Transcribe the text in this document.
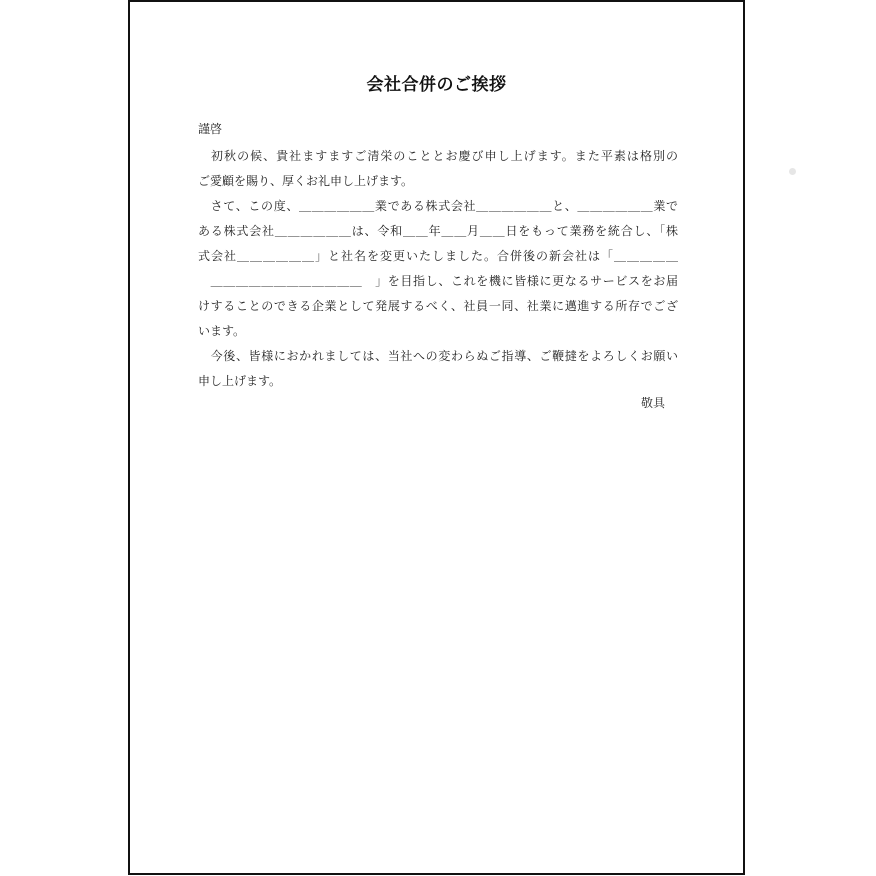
会社合併のご挨拶
謹啓
　初秋の候、貴社ますますご清栄のこととお慶び申し上げます。また平素は格別の
ご愛顧を賜り、厚くお礼申し上げます。
　さて、この度、＿＿＿＿＿＿業である株式会社＿＿＿＿＿＿と、＿＿＿＿＿＿業で
ある株式会社＿＿＿＿＿＿は、令和＿＿年＿＿月＿＿日をもって業務を統合し、「株
式会社＿＿＿＿＿＿」と社名を変更いたしました。合併後の新会社は「＿＿＿＿＿
　＿＿＿＿＿＿＿＿＿＿＿＿　」を目指し、これを機に皆様に更なるサービスをお届
けすることのできる企業として発展するべく、社員一同、社業に邁進する所存でござ
います。
　今後、皆様におかれましては、当社への変わらぬご指導、ご鞭撻をよろしくお願い
申し上げます。
敬具
